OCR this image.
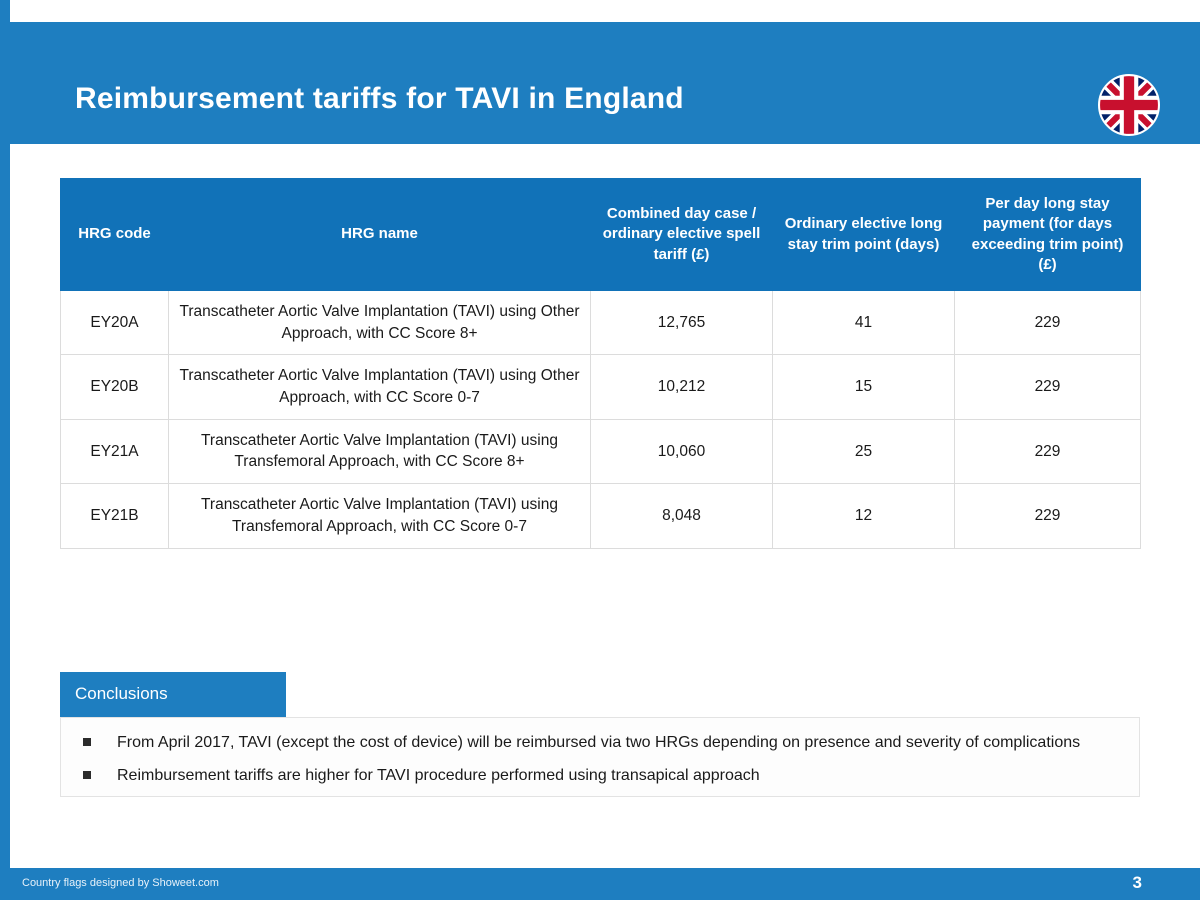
Reimbursement tariffs for TAVI in England
HRG code	HRG name	Combined day case / ordinary elective spell tariff (£)	Ordinary elective long stay trim point (days)	Per day long stay payment (for days exceeding trim point) (£)
EY20A	Transcatheter Aortic Valve Implantation (TAVI) using Other Approach, with CC Score 8+	12,765	41	229
EY20B	Transcatheter Aortic Valve Implantation (TAVI) using Other Approach, with CC Score 0-7	10,212	15	229
EY21A	Transcatheter Aortic Valve Implantation (TAVI) using Transfemoral Approach, with CC Score 8+	10,060	25	229
EY21B	Transcatheter Aortic Valve Implantation (TAVI) using Transfemoral Approach, with CC Score 0-7	8,048	12	229
Conclusions
From April 2017, TAVI (except the cost of device) will be reimbursed via two HRGs depending on presence and severity of complications
Reimbursement tariffs are higher for TAVI procedure performed using transapical approach
Country flags designed by Showeet.com	3
